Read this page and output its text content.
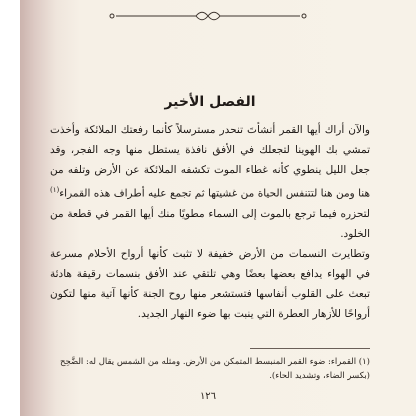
الفصل الأخير

والآن أراك أيها القمر أنشأتَ تنحدر مسترسلاً كأنما رفعتك الملائكة وأخذت تمشي بك الهوينا لتجعلك في الأفق نافذة يستطل منها وجه الفجر، وقد جعل الليل ينطوي كأنه غطاء الموت تكشفه الملائكة عن الأرض وتلفه من هنا ومن هنا لتتنفس الحياة من غشيتها ثم تجمع عليه أطراف هذه القمراء$^{(١)}$ لتحزره فيما ترجع بالموت إلى السماء مطويًا منك أيها القمر في قطعة من الخلود.

وتطايرت النسمات من الأرض خفيفة لا تثبت كأنها أرواح الأحلام مسرعة في الهواء يدافع بعضها بعضًا وهي تلتقي عند الأفق بنسمات رقيقة هادئة تبعث على القلوب أنفاسها فتستشعر منها روح الجنة كأنها آتية منها لتكون أرواحًا للأزهار العطرة التي ينبت بها ضوء النهار الجديد.

(١) القمراء: ضوء القمر المنبسط المتمكن من الأرض. ومثله من الشمس يقال له: الضَّحِح (بكسر الضاء، وتشديد الحاء).
١٢٦
